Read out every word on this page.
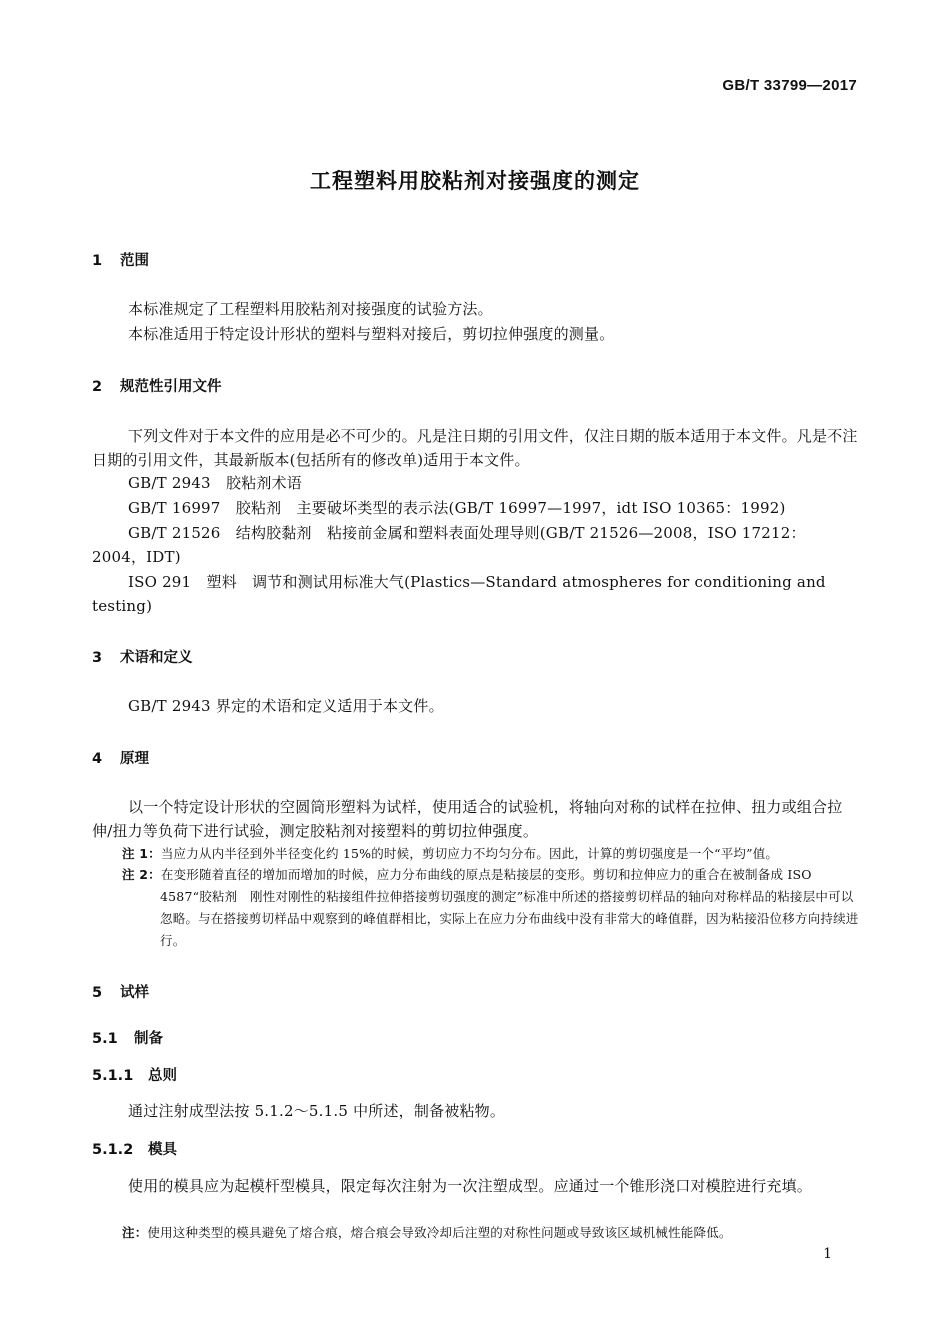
GB/T 33799—2017
工程塑料用胶粘剂对接强度的测定
1 范围
本标准规定了工程塑料用胶粘剂对接强度的试验方法。
本标准适用于特定设计形状的塑料与塑料对接后，剪切拉伸强度的测量。
2 规范性引用文件
下列文件对于本文件的应用是必不可少的。凡是注日期的引用文件，仅注日期的版本适用于本文件。凡是不注日期的引用文件，其最新版本(包括所有的修改单)适用于本文件。
GB/T 2943　胶粘剂术语
GB/T 16997　胶粘剂　主要破坏类型的表示法(GB/T 16997—1997，idt ISO 10365：1992)
GB/T 21526　结构胶黏剂　粘接前金属和塑料表面处理导则(GB/T 21526—2008，ISO 17212：2004，IDT)
ISO 291　塑料　调节和测试用标准大气(Plastics—Standard atmospheres for conditioning and testing)
3 术语和定义
GB/T 2943 界定的术语和定义适用于本文件。
4 原理
以一个特定设计形状的空圆筒形塑料为试样，使用适合的试验机，将轴向对称的试样在拉伸、扭力或组合拉伸/扭力等负荷下进行试验，测定胶粘剂对接塑料的剪切拉伸强度。
注 1：当应力从内半径到外半径变化约 15%的时候，剪切应力不均匀分布。因此，计算的剪切强度是一个“平均”值。
注 2：在变形随着直径的增加而增加的时候，应力分布曲线的原点是粘接层的变形。剪切和拉伸应力的重合在被制备成 ISO 4587“胶粘剂　刚性对刚性的粘接组件拉伸搭接剪切强度的测定”标准中所述的搭接剪切样品的轴向对称样品的粘接层中可以忽略。与在搭接剪切样品中观察到的峰值群相比，实际上在应力分布曲线中没有非常大的峰值群，因为粘接沿位移方向持续进行。
5 试样
5.1 制备
5.1.1 总则
通过注射成型法按 5.1.2～5.1.5 中所述，制备被粘物。
5.1.2 模具
使用的模具应为起模杆型模具，限定每次注射为一次注塑成型。应通过一个锥形浇口对模腔进行充填。
注：使用这种类型的模具避免了熔合痕，熔合痕会导致冷却后注塑的对称性问题或导致该区域机械性能降低。
1
